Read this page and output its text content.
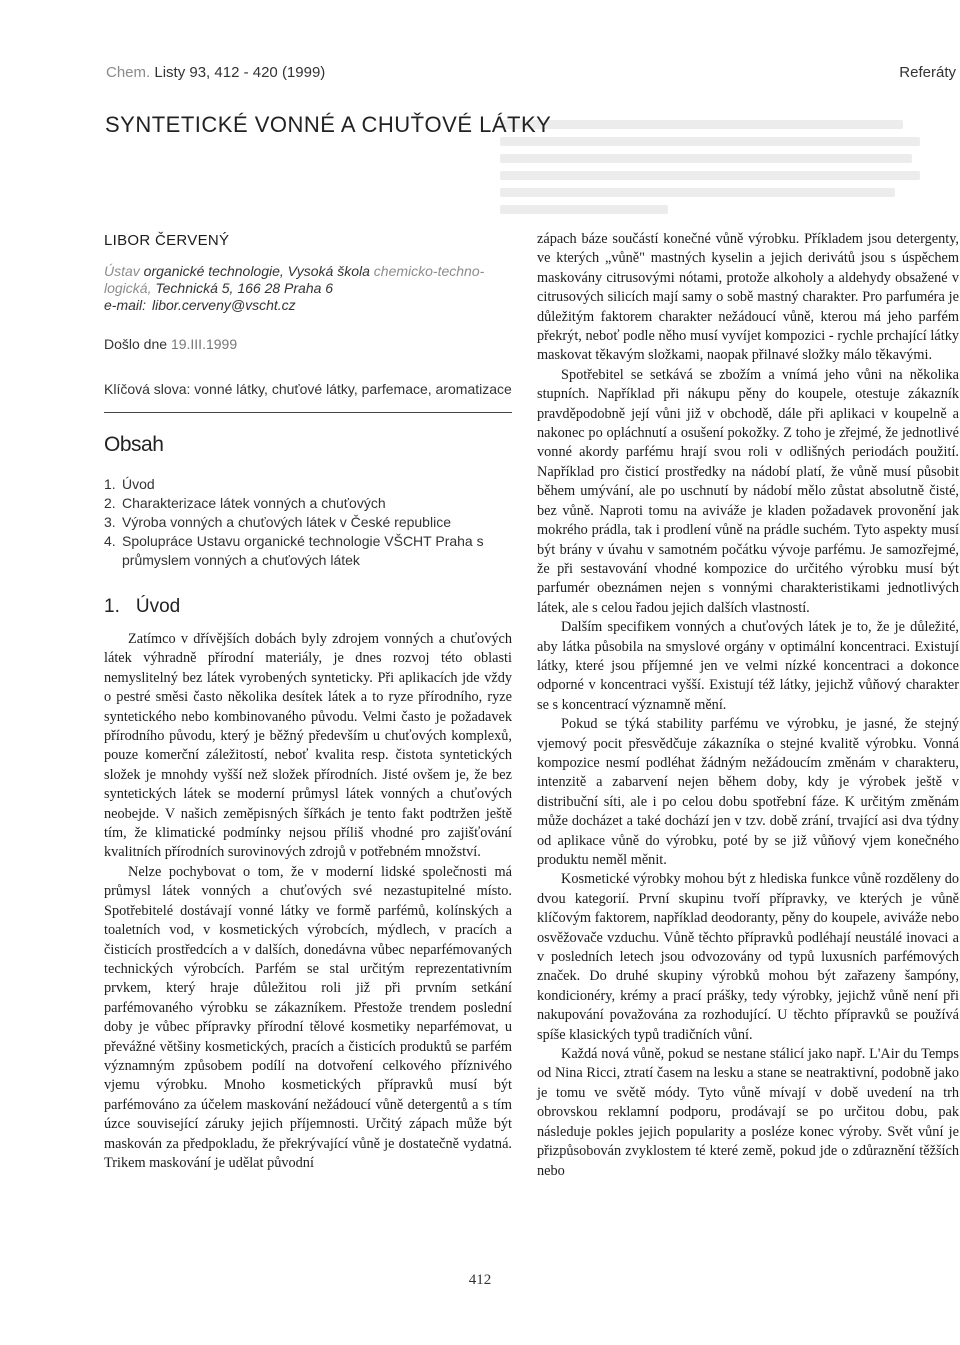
Chem. Listy 93, 412 - 420 (1999)	Referáty
SYNTETICKÉ VONNÉ A CHUŤOVÉ LÁTKY
LIBOR ČERVENÝ
Ústav organické technologie, Vysoká škola chemicko-techno-logická, Technická 5, 166 28 Praha 6
e-mail: libor.cerveny@vscht.cz
Došlo dne 19.III.1999
Klíčová slova: vonné látky, chuťové látky, parfemace, aromatizace
Obsah
1. Úvod
2. Charakterizace látek vonných a chuťových
3. Výroba vonných a chuťových látek v České republice
4. Spolupráce Ustavu organické technologie VŠCHT Praha s průmyslem vonných a chuťových látek
1. Úvod

Zatímco v dřívějších dobách byly zdrojem vonných a chuťových látek výhradně přírodní materiály, je dnes rozvoj této oblasti nemyslitelný bez látek vyrobených synteticky. Při aplikacích jde vždy o pestré směsi často několika desítek látek a to ryze přírodního, ryze syntetického nebo kombinovaného původu. Velmi často je požadavek přírodního původu, který je běžný především u chuťových komplexů, pouze komerční záležitostí, neboť kvalita resp. čistota syntetických složek je mnohdy vyšší než složek přírodních. Jisté ovšem je, že bez syntetických látek se moderní průmysl látek vonných a chuťových neobejde. V našich zeměpisných šířkách je tento fakt podtržen ještě tím, že klimatické podmínky nejsou příliš vhodné pro zajišťování kvalitních přírodních surovinových zdrojů v potřebném množství.

Nelze pochybovat o tom, že v moderní lidské společnosti má průmysl látek vonných a chuťových své nezastupitelné místo. Spotřebitelé dostávají vonné látky ve formě parfémů, kolínských a toaletních vod, v kosmetických výrobcích, mýdlech, v pracích a čisticích prostředcích a v dalších, donedávna vůbec neparfémovaných technických výrobcích. Parfém se stal určitým reprezentativním prvkem, který hraje důležitou roli již při prvním setkání parfémovaného výrobku se zákazníkem. Přestože trendem poslední doby je vůbec přípravky přírodní tělové kosmetiky neparfémovat, u převážné většiny kosmetických, pracích a čisticích produktů se parfém významným způsobem podílí na dotvoření celkového příznivého vjemu výrobku. Mnoho kosmetických přípravků musí být parfémováno za účelem maskování nežádoucí vůně detergentů a s tím úzce související záruky jejich příjemnosti. Určitý zápach může být maskován za předpokladu, že překrývající vůně je dostatečně vydatná. Trikem maskování je udělat původní

zápach báze součástí konečné vůně výrobku. Příkladem jsou detergenty, ve kterých „vůně" mastných kyselin a jejich derivátů jsou s úspěchem maskovány citrusovými nótami, protože alkoholy a aldehydy obsažené v citrusových silicích mají samy o sobě mastný charakter. Pro parfuméra je důležitým faktorem charakter nežádoucí vůně, kterou má jeho parfém překrýt, neboť podle něho musí vyvíjet kompozici - rychle prchající látky maskovat těkavým složkami, naopak přilnavé složky málo těkavými.

Spotřebitel se setkává se zbožím a vnímá jeho vůni na několika stupních. Například při nákupu pěny do koupele, otestuje zákazník pravděpodobně její vůni již v obchodě, dále při aplikaci v koupelně a nakonec po opláchnutí a osušení pokožky. Z toho je zřejmé, že jednotlivé vonné akordy parfému hrají svou roli v odlišných periodách použití. Například pro čisticí prostředky na nádobí platí, že vůně musí působit během umývání, ale po uschnutí by nádobí mělo zůstat absolutně čisté, bez vůně. Naproti tomu na aviváže je kladen požadavek provonění jak mokrého prádla, tak i prodlení vůně na prádle suchém. Tyto aspekty musí být brány v úvahu v samotném počátku vývoje parfému. Je samozřejmé, že při sestavování vhodné kompozice do určitého výrobku musí být parfumér obeznámen nejen s vonnými charakteristikami jednotlivých látek, ale s celou řadou jejich dalších vlastností.

Dalším specifikem vonných a chuťových látek je to, že je důležité, aby látka působila na smyslové orgány v optimální koncentraci. Existují látky, které jsou příjemné jen ve velmi nízké koncentraci a dokonce odporné v koncentraci vyšší. Existují též látky, jejichž vůňový charakter se s koncentrací významně mění.

Pokud se týká stability parfému ve výrobku, je jasné, že stejný vjemový pocit přesvědčuje zákazníka o stejné kvalitě výrobku. Vonná kompozice nesmí podléhat žádným nežádoucím změnám v charakteru, intenzitě a zabarvení nejen během doby, kdy je výrobek ještě v distribuční síti, ale i po celou dobu spotřební fáze. K určitým změnám může docházet a také dochází jen v tzv. době zrání, trvající asi dva týdny od aplikace vůně do výrobku, poté by se již vůňový vjem konečného produktu neměl měnit.

Kosmetické výrobky mohou být z hlediska funkce vůně rozděleny do dvou kategorií. První skupinu tvoří přípravky, ve kterých je vůně klíčovým faktorem, například deodoranty, pěny do koupele, aviváže nebo osvěžovače vzduchu. Vůně těchto přípravků podléhají neustálé inovaci a v posledních letech jsou odvozovány od typů luxusních parfémových značek. Do druhé skupiny výrobků mohou být zařazeny šampóny, kondicionéry, krémy a prací prášky, tedy výrobky, jejichž vůně není při nakupování považována za rozhodující. U těchto přípravků se používá spíše klasických typů tradičních vůní.

Každá nová vůně, pokud se nestane stálicí jako např. L'Air du Temps od Nina Ricci, ztratí časem na lesku a stane se neatraktivní, podobně jako je tomu ve světě módy. Tyto vůně mívají v době uvedení na trh obrovskou reklamní podporu, prodávají se po určitou dobu, pak následuje pokles jejich popularity a posléze konec výroby. Svět vůní je přizpůsobován zvyklostem té které země, pokud jde o zdůraznění těžších nebo

412
